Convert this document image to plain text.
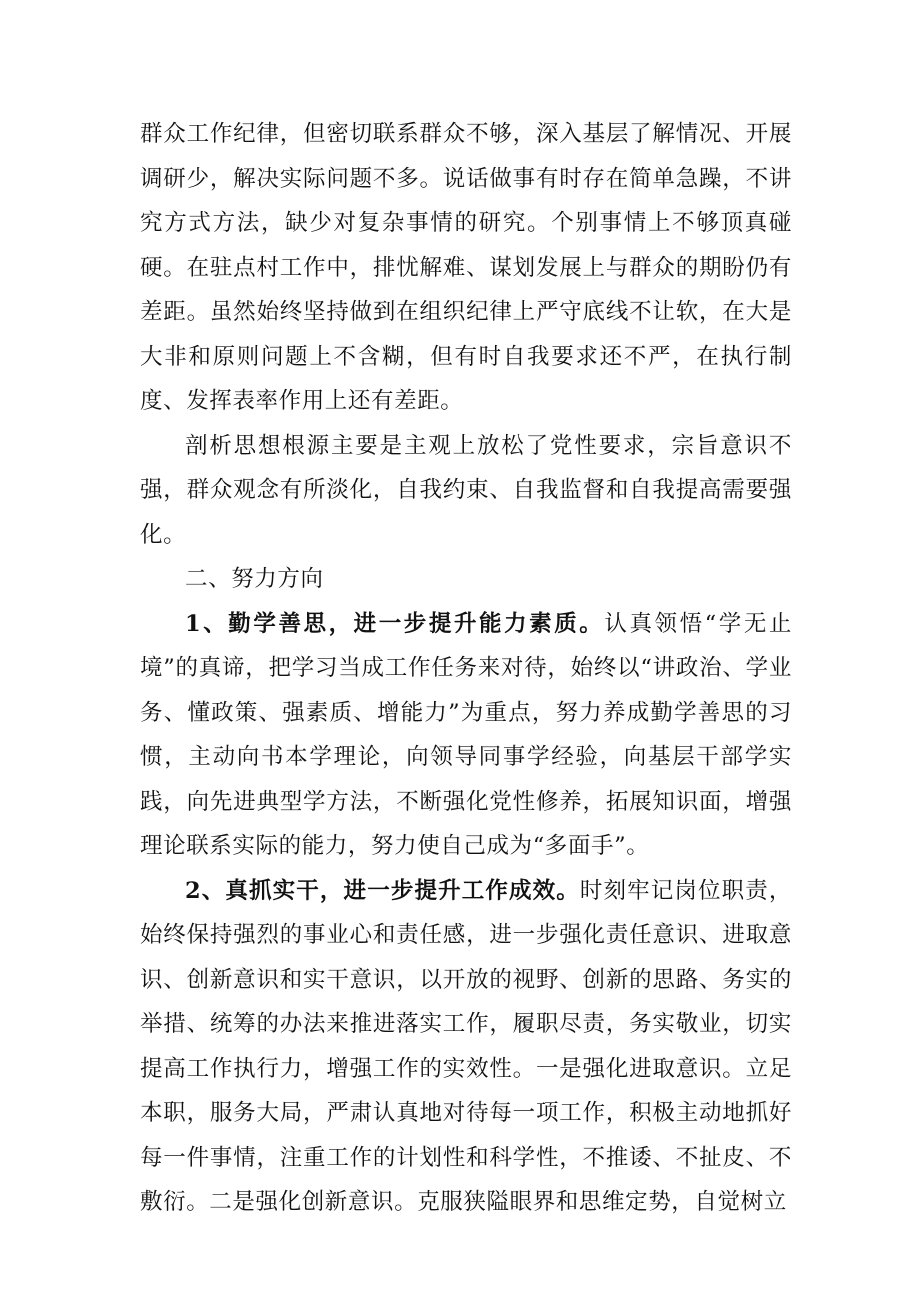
群众工作纪律，但密切联系群众不够，深入基层了解情况、开展调研少，解决实际问题不多。说话做事有时存在简单急躁，不讲究方式方法，缺少对复杂事情的研究。个别事情上不够顶真碰硬。在驻点村工作中，排忧解难、谋划发展上与群众的期盼仍有差距。虽然始终坚持做到在组织纪律上严守底线不让软，在大是大非和原则问题上不含糊，但有时自我要求还不严，在执行制度、发挥表率作用上还有差距。

剖析思想根源主要是主观上放松了党性要求，宗旨意识不强，群众观念有所淡化，自我约束、自我监督和自我提高需要强化。

二、努力方向

1、勤学善思，进一步提升能力素质。认真领悟“学无止境”的真谛，把学习当成工作任务来对待，始终以“讲政治、学业务、懂政策、强素质、增能力”为重点，努力养成勤学善思的习惯，主动向书本学理论，向领导同事学经验，向基层干部学实践，向先进典型学方法，不断强化党性修养，拓展知识面，增强理论联系实际的能力，努力使自己成为“多面手”。

2、真抓实干，进一步提升工作成效。时刻牢记岗位职责，始终保持强烈的事业心和责任感，进一步强化责任意识、进取意识、创新意识和实干意识，以开放的视野、创新的思路、务实的举措、统筹的办法来推进落实工作，履职尽责，务实敬业，切实提高工作执行力，增强工作的实效性。一是强化进取意识。立足本职，服务大局，严肃认真地对待每一项工作，积极主动地抓好每一件事情，注重工作的计划性和科学性，不推诿、不扯皮、不敷衍。二是强化创新意识。克服狭隘眼界和思维定势，自觉树立
